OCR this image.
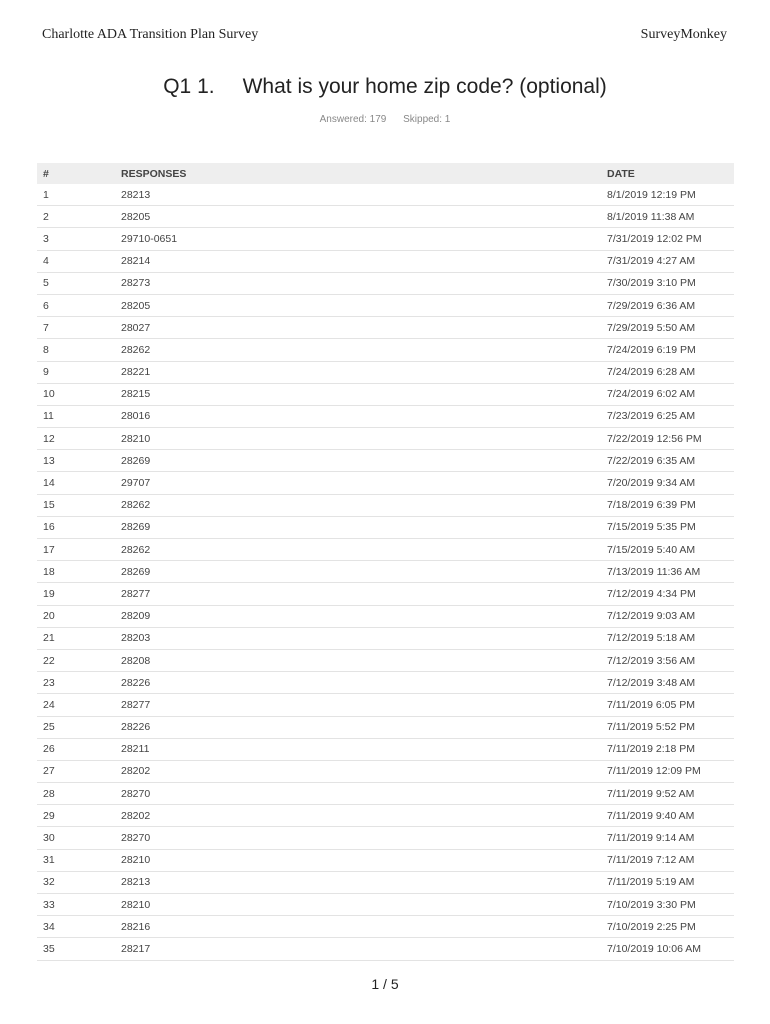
Charlotte ADA Transition Plan Survey	SurveyMonkey
Q1 1. What is your home zip code? (optional)
Answered: 179 Skipped: 1
#	RESPONSES	DATE
1	28213	8/1/2019 12:19 PM
2	28205	8/1/2019 11:38 AM
3	29710-0651	7/31/2019 12:02 PM
4	28214	7/31/2019 4:27 AM
5	28273	7/30/2019 3:10 PM
6	28205	7/29/2019 6:36 AM
7	28027	7/29/2019 5:50 AM
8	28262	7/24/2019 6:19 PM
9	28221	7/24/2019 6:28 AM
10	28215	7/24/2019 6:02 AM
11	28016	7/23/2019 6:25 AM
12	28210	7/22/2019 12:56 PM
13	28269	7/22/2019 6:35 AM
14	29707	7/20/2019 9:34 AM
15	28262	7/18/2019 6:39 PM
16	28269	7/15/2019 5:35 PM
17	28262	7/15/2019 5:40 AM
18	28269	7/13/2019 11:36 AM
19	28277	7/12/2019 4:34 PM
20	28209	7/12/2019 9:03 AM
21	28203	7/12/2019 5:18 AM
22	28208	7/12/2019 3:56 AM
23	28226	7/12/2019 3:48 AM
24	28277	7/11/2019 6:05 PM
25	28226	7/11/2019 5:52 PM
26	28211	7/11/2019 2:18 PM
27	28202	7/11/2019 12:09 PM
28	28270	7/11/2019 9:52 AM
29	28202	7/11/2019 9:40 AM
30	28270	7/11/2019 9:14 AM
31	28210	7/11/2019 7:12 AM
32	28213	7/11/2019 5:19 AM
33	28210	7/10/2019 3:30 PM
34	28216	7/10/2019 2:25 PM
35	28217	7/10/2019 10:06 AM
1 / 5
